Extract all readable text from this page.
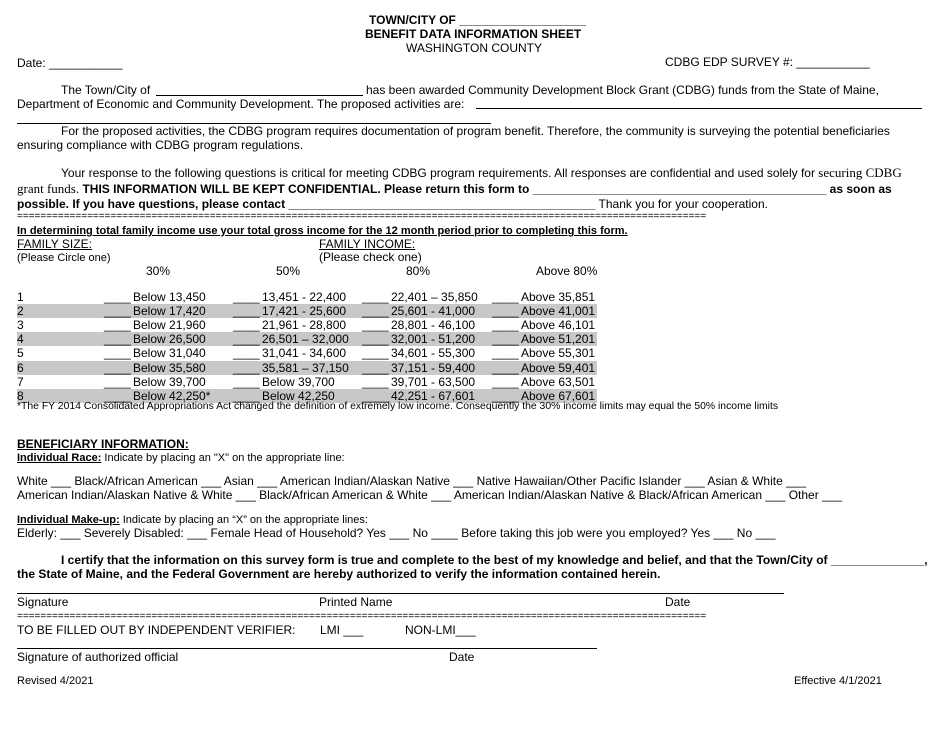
TOWN/CITY OF ___________________
BENEFIT DATA INFORMATION SHEET
WASHINGTON COUNTY
Date: ___________	CDBG EDP SURVEY #: ___________
The Town/City of	has been awarded Community Development Block Grant (CDBG) funds from the State of Maine,
Department of Economic and Community Development. The proposed activities are:
For the proposed activities, the CDBG program requires documentation of program benefit. Therefore, the community is surveying the potential beneficiaries
ensuring compliance with CDBG program regulations.
Your response to the following questions is critical for meeting CDBG program requirements. All responses are confidential and used solely for securing CDBG
grant funds. THIS INFORMATION WILL BE KEPT CONFIDENTIAL. Please return this form to ____________________________________________ as soon as
possible. If you have questions, please contact ______________________________________________ Thank you for your cooperation.
======================================================================================================================
In determining total family income use your total gross income for the 12 month period prior to completing this form.
FAMILY SIZE:
(Please Circle one)
FAMILY INCOME:
(Please check one)
30%	50%	80%	Above 80%
1	____ Below 13,450 ____ 13,451 - 22,400 ____ 22,401 – 35,850 ____ Above 35,851
2	____ Below 17,420 ____ 17,421 - 25,600 ____ 25,601 - 41,000 ____ Above 41,001
3	____ Below 21,960 ____ 21,961 - 28,800 ____ 28,801 - 46,100 ____ Above 46,101
4	____ Below 26,500 ____ 26,501 – 32,000 ____ 32,001 - 51,200 ____ Above 51,201
5	____ Below 31,040 ____ 31,041 - 34,600 ____ 34,601 - 55,300 ____ Above 55,301
6	____ Below 35,580 ____ 35,581 – 37,150 ____ 37,151 - 59,400 ____ Above 59,401
7	____ Below 39,700 ____ Below 39,700 ____ 39,701 - 63,500 ____ Above 63,501
8	____ Below 42,250* ____ Below 42,250 ____ 42,251 - 67,601 ____ Above 67,601
*The FY 2014 Consolidated Appropriations Act changed the definition of extremely low income. Consequently the 30% income limits may equal the 50% income limits
BENEFICIARY INFORMATION:
Individual Race: Indicate by placing an "X" on the appropriate line:
White ___ Black/African American ___ Asian ___ American Indian/Alaskan Native ___ Native Hawaiian/Other Pacific Islander ___ Asian & White ___
American Indian/Alaskan Native & White ___ Black/African American & White ___ American Indian/Alaskan Native & Black/African American ___ Other ___
Individual Make-up: Indicate by placing an “X” on the appropriate lines:
Elderly: ___ Severely Disabled: ___ Female Head of Household? Yes ___ No ____ Before taking this job were you employed? Yes ___ No ___
I certify that the information on this survey form is true and complete to the best of my knowledge and belief, and that the Town/City of ______________,
the State of Maine, and the Federal Government are hereby authorized to verify the information contained herein.
Signature	Printed Name	Date
======================================================================================================================
TO BE FILLED OUT BY INDEPENDENT VERIFIER: LMI ___	NON-LMI___
Signature of authorized official	Date
Revised 4/2021	Effective 4/1/2021
